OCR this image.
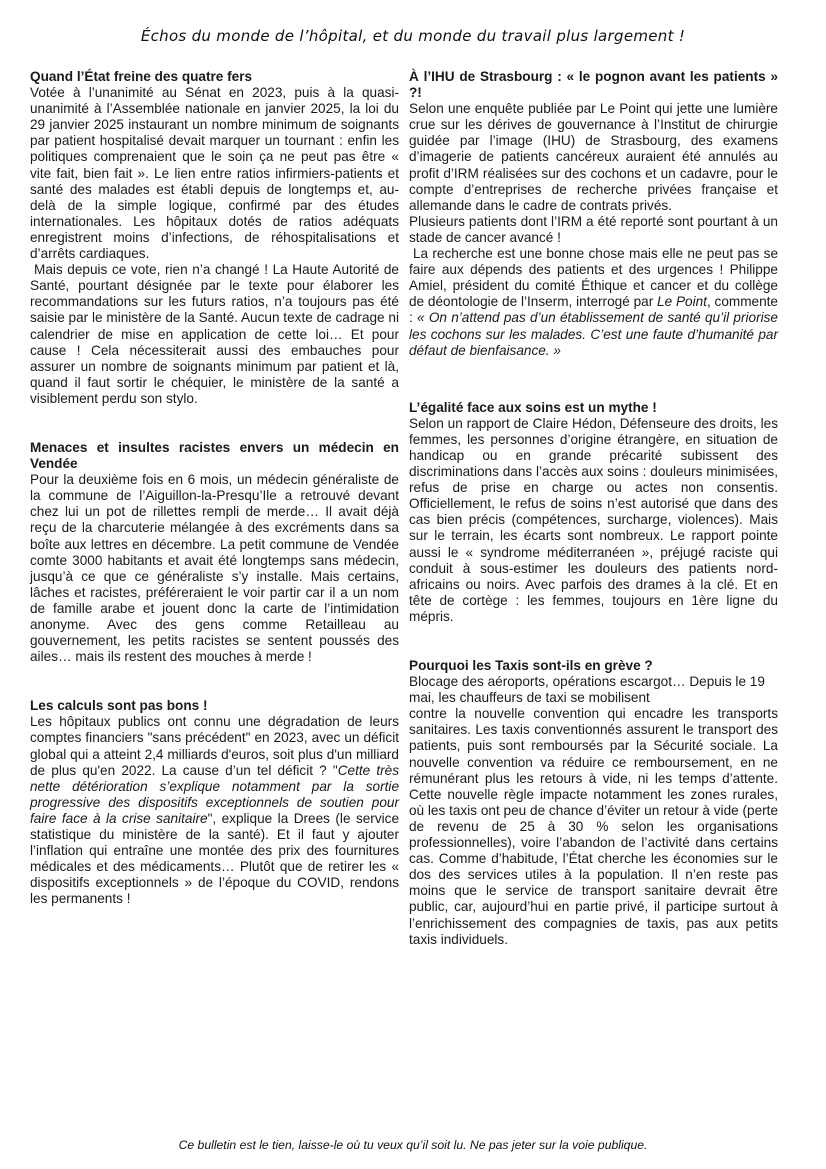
Échos du monde de l’hôpital, et du monde du travail plus largement !
Quand l’État freine des quatre fers

Votée à l’unanimité au Sénat en 2023, puis à la quasi-unanimité à l’Assemblée nationale en janvier 2025, la loi du 29 janvier 2025 instaurant un nombre minimum de soignants par patient hospitalisé devait marquer un tournant : enfin les politiques comprenaient que le soin ça ne peut pas être « vite fait, bien fait ». Le lien entre ratios infirmiers-patients et santé des malades est établi depuis de longtemps et, au-delà de la simple logique, confirmé par des études internationales. Les hôpitaux dotés de ratios adéquats enregistrent moins d’infections, de réhospitalisations et d’arrêts cardiaques.

Mais depuis ce vote, rien n’a changé ! La Haute Autorité de Santé, pourtant désignée par le texte pour élaborer les recommandations sur les futurs ratios, n’a toujours pas été saisie par le ministère de la Santé. Aucun texte de cadrage ni calendrier de mise en application de cette loi… Et pour cause ! Cela nécessiterait aussi des embauches pour assurer un nombre de soignants minimum par patient et là, quand il faut sortir le chéquier, le ministère de la santé a visiblement perdu son stylo.

Menaces et insultes racistes envers un médecin en Vendée

Pour la deuxième fois en 6 mois, un médecin généraliste de la commune de l’Aiguillon-la-Presqu’Ile a retrouvé devant chez lui un pot de rillettes rempli de merde… Il avait déjà reçu de la charcuterie mélangée à des excréments dans sa boîte aux lettres en décembre. La petit commune de Vendée comte 3000 habitants et avait été longtemps sans médecin, jusqu’à ce que ce généraliste s’y installe. Mais certains, lâches et racistes, préféreraient le voir partir car il a un nom de famille arabe et jouent donc la carte de l’intimidation anonyme. Avec des gens comme Retailleau au gouvernement, les petits racistes se sentent poussés des ailes… mais ils restent des mouches à merde !

Les calculs sont pas bons !

Les hôpitaux publics ont connu une dégradation de leurs comptes financiers "sans précédent" en 2023, avec un déficit global qui a atteint 2,4 milliards d'euros, soit plus d'un milliard de plus qu'en 2022. La cause d’un tel déficit ? "Cette très nette détérioration s’explique notamment par la sortie progressive des dispositifs exceptionnels de soutien pour faire face à la crise sanitaire", explique la Drees (le service statistique du ministère de la santé). Et il faut y ajouter l’inflation qui entraîne une montée des prix des fournitures médicales et des médicaments… Plutôt que de retirer les « dispositifs exceptionnels » de l’époque du COVID, rendons les permanents !

À l’IHU de Strasbourg : « le pognon avant les patients » ?!

Selon une enquête publiée par Le Point qui jette une lumière crue sur les dérives de gouvernance à l’Institut de chirurgie guidée par l’image (IHU) de Strasbourg, des examens d’imagerie de patients cancéreux auraient été annulés au profit d’IRM réalisées sur des cochons et un cadavre, pour le compte d’entreprises de recherche privées française et allemande dans le cadre de contrats privés.

Plusieurs patients dont l’IRM a été reporté sont pourtant à un stade de cancer avancé !

La recherche est une bonne chose mais elle ne peut pas se faire aux dépends des patients et des urgences ! Philippe Amiel, président du comité Éthique et cancer et du collège de déontologie de l’Inserm, interrogé par Le Point, commente : « On n’attend pas d’un établissement de santé qu’il priorise les cochons sur les malades. C’est une faute d’humanité par défaut de bienfaisance. »

L’égalité face aux soins est un mythe !

Selon un rapport de Claire Hédon, Défenseure des droits, les femmes, les personnes d’origine étrangère, en situation de handicap ou en grande précarité subissent des discriminations dans l’accès aux soins : douleurs minimisées, refus de prise en charge ou actes non consentis. Officiellement, le refus de soins n’est autorisé que dans des cas bien précis (compétences, surcharge, violences). Mais sur le terrain, les écarts sont nombreux. Le rapport pointe aussi le « syndrome méditerranéen », préjugé raciste qui conduit à sous-estimer les douleurs des patients nord-africains ou noirs. Avec parfois des drames à la clé. Et en tête de cortège : les femmes, toujours en 1ère ligne du mépris.

Pourquoi les Taxis sont-ils en grève ?

Blocage des aéroports, opérations escargot… Depuis le 19 mai, les chauffeurs de taxi se mobilisent

contre la nouvelle convention qui encadre les transports sanitaires. Les taxis conventionnés assurent le transport des patients, puis sont remboursés par la Sécurité sociale. La nouvelle convention va réduire ce remboursement, en ne rémunérant plus les retours à vide, ni les temps d’attente. Cette nouvelle règle impacte notamment les zones rurales, où les taxis ont peu de chance d’éviter un retour à vide (perte de revenu de 25 à 30 % selon les organisations professionnelles), voire l’abandon de l’activité dans certains cas. Comme d’habitude, l’État cherche les économies sur le dos des services utiles à la population. Il n’en reste pas moins que le service de transport sanitaire devrait être public, car, aujourd’hui en partie privé, il participe surtout à l’enrichissement des compagnies de taxis, pas aux petits taxis individuels.

Ce bulletin est le tien, laisse-le où tu veux qu’il soit lu. Ne pas jeter sur la voie publique.
